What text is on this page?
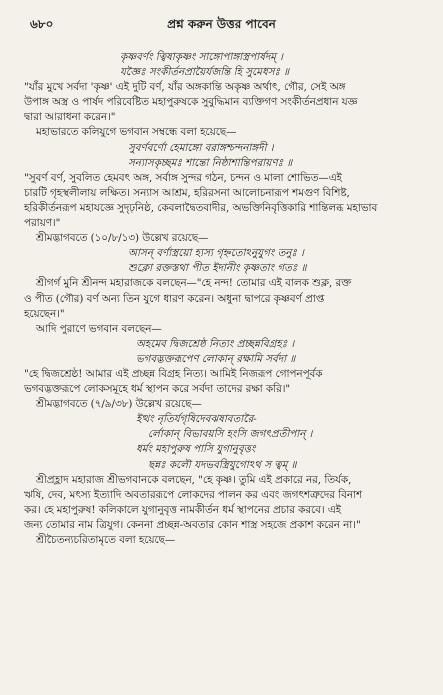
৬৮০	প্রশ্ন করুন উত্তর পাবেন
কৃষ্ণবর্ণং ত্বিষাকৃষ্ণং সাঙ্গোপাঙ্গাস্ত্রপার্ষদম্ ।
যজ্ঞৈঃ সংকীর্তনপ্রায়ৈর্যজন্তি হি সুমেধসঃ ॥
"যাঁর মুখে সর্বদা 'কৃষ্ণ' এই দুটি বর্ণ, যাঁর অঙ্গকান্তি অকৃষ্ণ অর্থাৎ, গৌর, সেই অঙ্গ
উপাঙ্গ অস্ত্র ও পার্ষদ পরিবেষ্টিত মহাপুরুষকে সুবুদ্ধিমান ব্যক্তিগণ সংকীর্তনপ্রধান যজ্ঞ
দ্বারা আরাধনা করেন।"
মহাভারতে কলিযুগে ভগবান সম্বন্ধে বলা হয়েছে—
সুবর্ণবর্ণো হেমাঙ্গো বরাঙ্গশ্চন্দনাঙ্গদী ।
সন্যাসকৃচ্ছমঃ শান্তো নিষ্ঠাশান্তিপরায়ণঃ ॥
"সুবর্ণ বর্ণ, সুবলিত হেমবৎ অঙ্গ, সর্বাঙ্গ সুন্দর গঠন, চন্দন ও মালা শোভিত—এই
চারটি গৃহস্থলীলায় লক্ষিত। সন্যাস আশ্রম, হরিরসনা আলোচনারূপ শমগুণ বিশিষ্ট,
হরিকীর্তনরূপ মহাযজ্ঞে সুদৃঢ়নিষ্ঠ, কেবলাদ্বৈতবাদীর, অভক্তিনিবৃত্তিকারি শান্তিলব্ধ মহাভাব
পরায়ণ।"
শ্রীমদ্ভাগবতে (১০/৮/১৩) উল্লেখ রয়েছে—
আসন্ বর্ণাস্ত্রয়ো হ্যস্য গৃহ্নতোঽনুযুগং তনুঃ ।
শুক্লো রক্তস্তথা পীত ইদানীং কৃষ্ণতাং গতঃ ॥
শ্রীগর্গ মুনি শ্রীনন্দ মহারাজকে বলছেন—"হে নন্দ! তোমার এই বালক শুক্ল, রক্ত
ও পীত (গৌর) বর্ণ অন্য তিন যুগে ধারণ করেন। অধুনা দ্বাপরে কৃষ্ণবর্ণ প্রাপ্ত
হয়েছেন।"
আদি পুরাণে ভগবান বলছেন—
অহমেব দ্বিজশ্রেষ্ঠ নিত্যং প্রচ্ছন্নবিগ্রহঃ ।
ভগবদ্ভক্তরূপেণ লোকান্ রক্ষামি সর্বদা ॥
"হে দ্বিজশ্রেষ্ঠ! আমার এই প্রচ্ছন্ন বিগ্রহ নিত্য। আমিই নিজরূপ গোপনপূর্বক
ভগবদ্ভক্তরূপে লোকসমূহে ধর্ম স্থাপন করে সর্বদা তাদের রক্ষা করি।"
শ্রীমদ্ভাগবতে (৭/৯/৩৮) উল্লেখ রয়েছে—
ইত্থং নৃতির্যগৃষিদেবঝষাবতারৈ-
র্লোকান্ বিভাবয়সি হংসি জগৎপ্রতীপান্ ।
ধর্মং মহাপুরুষ পাসি যুগানুবৃত্তং
ছন্নঃ কলৌ যদভবস্ত্রিযুগোঽথ স ত্বম্ ॥
শ্রীপ্রহ্লাদ মহারাজ শ্রীভগবানকে বলছেন, "হে কৃষ্ণ। তুমি এই প্রকারে নর, তির্যক,
ঋষি, দেব, মৎস্য ইত্যাদি অবতাররূপে লোকদের পালন কর এবং জগৎশত্রুদের বিনাশ
কর। হে মহাপুরুষ! কলিকালে যুগানুবৃত্ত নামকীর্তন ধর্ম স্থাপনের প্রচার করবে। এই
জন্য তোমার নাম ত্রিযুগ। কেননা প্রচ্ছন্ন-অবতার কোন শাস্ত্র সহজে প্রকাশ করেন না।"
শ্রীচৈতন্যচরিতামৃতে বলা হয়েছে—
